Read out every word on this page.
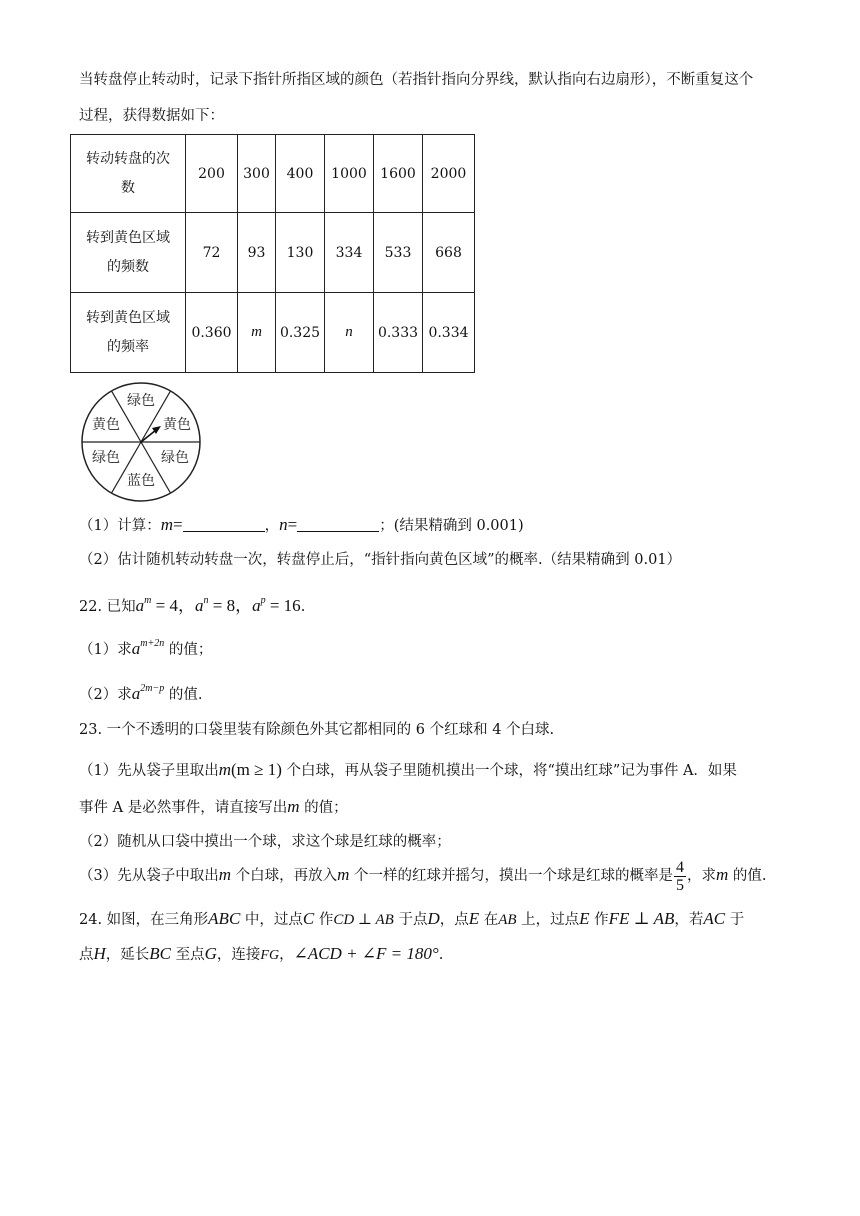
当转盘停止转动时，记录下指针所指区域的颜色（若指针指向分界线，默认指向右边扇形），不断重复这个
过程，获得数据如下：
转动转盘的次
数	200	300	400	1000	1600	2000

转到黄色区域
的频数	72	93	130	334	533	668

转到黄色区域
的频率	0.360	m	0.325	n	0.333	0.334
绿色
黄色
绿色
蓝色
绿色
黄色
（1）计算：m=	，n=	；(结果精确到 0.001)
（2）估计随机转动转盘一次，转盘停止后，“指针指向黄色区域”的概率.（结果精确到 0.01）
22. 已知$a^m = 4$，$a^n = 8$，$a^p = 16$.
（1）求$a^{m+2n}$ 的值；
（2）求$a^{2m-p}$ 的值.
23. 一个不透明的口袋里装有除颜色外其它都相同的 6 个红球和 4 个白球.
（1）先从袋子里取出m(m ≥ 1) 个白球，再从袋子里随机摸出一个球，将“摸出红球”记为事件 A．如果
事件 A 是必然事件，请直接写出m 的值；
（2）随机从口袋中摸出一个球，求这个球是红球的概率；
（3）先从袋子中取出m 个白球，再放入m 个一样的红球并摇匀，摸出一个球是红球的概率是 $\frac{4}{5}$ ，求m 的值.
24. 如图，在三角形ABC 中，过点C 作CD ⊥ AB 于点D，点E 在AB 上，过点E 作FE ⊥ AB，若AC 于
点H，延长BC 至点G，连接FG，∠ACD + ∠F = 180°.
